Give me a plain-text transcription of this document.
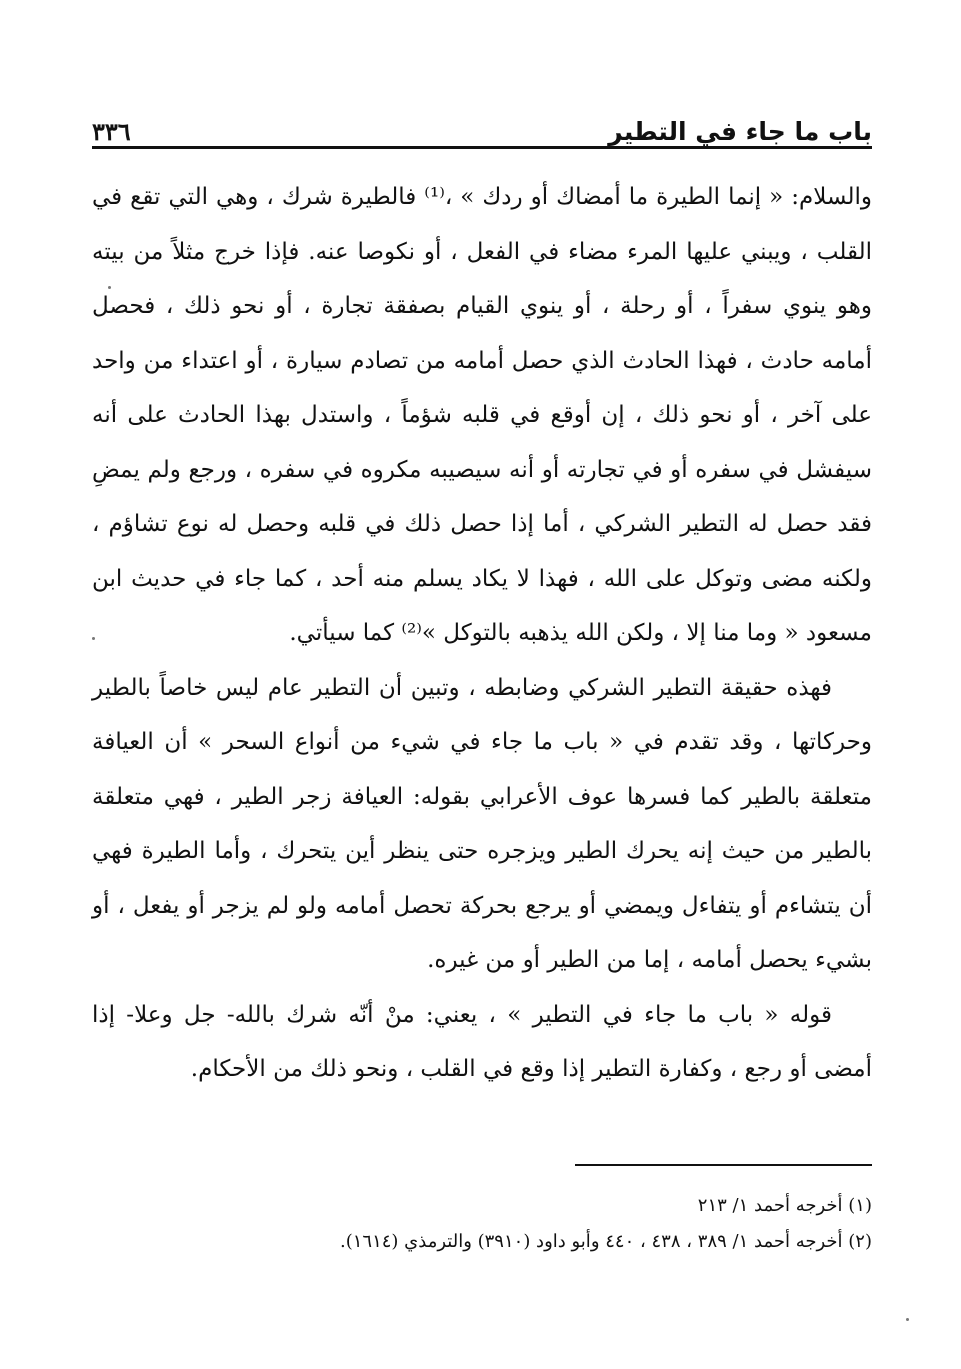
باب ما جاء في التطير
٣٣٦

والسلام: « إنما الطيرة ما أمضاك أو ردك » ،⁽¹⁾ فالطيرة شرك ، وهي التي تقع في القلب ، ويبني عليها المرء مضاء في الفعل ، أو نكوصا عنه. فإذا خرج مثلاً من بيته وهو ينوي سفراً ، أو رحلة ، أو ينوي القيام بصفقة تجارة ، أو نحو ذلك ، فحصل أمامه حادث ، فهذا الحادث الذي حصل أمامه من تصادم سيارة ، أو اعتداء من واحد على آخر ، أو نحو ذلك ، إن أوقع في قلبه شؤماً ، واستدل بهذا الحادث على أنه سيفشل في سفره أو في تجارته أو أنه سيصيبه مكروه في سفره ، ورجع ولم يمضِ فقد حصل له التطير الشركي ، أما إذا حصل ذلك في قلبه وحصل له نوع تشاؤم ، ولكنه مضى وتوكل على الله ، فهذا لا يكاد يسلم منه أحد ، كما جاء في حديث ابن مسعود « وما منا إلا ، ولكن الله يذهبه بالتوكل »⁽²⁾ كما سيأتي.

فهذه حقيقة التطير الشركي وضابطه ، وتبين أن التطير عام ليس خاصاً بالطير وحركاتها ، وقد تقدم في « باب ما جاء في شيء من أنواع السحر » أن العيافة متعلقة بالطير كما فسرها عوف الأعرابي بقوله: العيافة زجر الطير ، فهي متعلقة بالطير من حيث إنه يحرك الطير ويزجره حتى ينظر أين يتحرك ، وأما الطيرة فهي أن يتشاءم أو يتفاءل ويمضي أو يرجع بحركة تحصل أمامه ولو لم يزجر أو يفعل ، أو بشيء يحصل أمامه ، إما من الطير أو من غيره.

قوله « باب ما جاء في التطير » ، يعني: منْ أنّه شرك بالله- جل وعلا- إذا أمضى أو رجع ، وكفارة التطير إذا وقع في القلب ، ونحو ذلك من الأحكام.

(١) أخرجه أحمد ١/ ٢١٣

(٢) أخرجه أحمد ١/ ٣٨٩ ، ٤٣٨ ، ٤٤٠ وأبو داود (٣٩١٠) والترمذي (١٦١٤).
